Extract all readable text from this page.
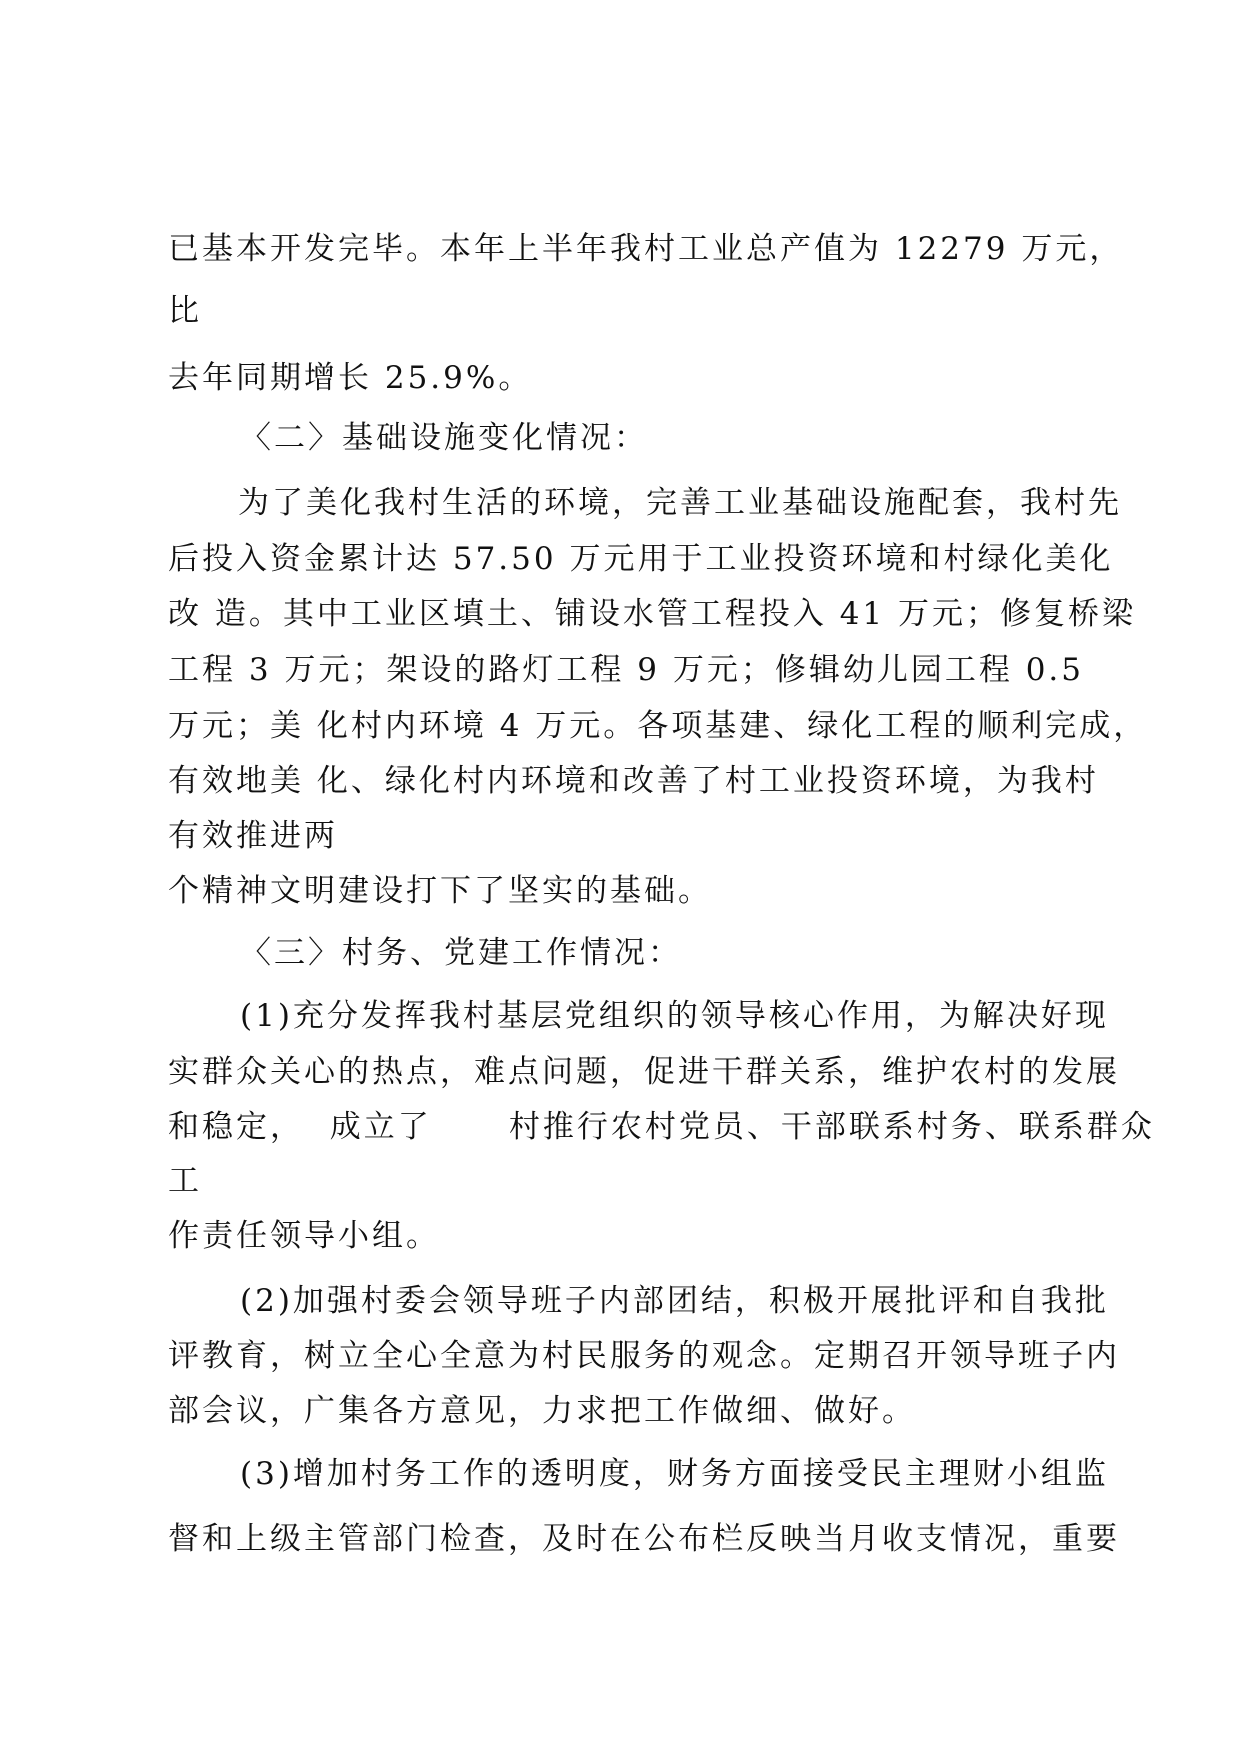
已基本开发完毕。本年上半年我村工业总产值为 12279 万元，
比
去年同期增长 25.9%。
〈二〉基础设施变化情况：
为了美化我村生活的环境，完善工业基础设施配套，我村先
后投入资金累计达 57.50 万元用于工业投资环境和村绿化美化
改 造。其中工业区填土、铺设水管工程投入 41 万元；修复桥梁
工程 3 万元；架设的路灯工程 9 万元；修辑幼儿园工程 0.5
万元；美 化村内环境 4 万元。各项基建、绿化工程的顺利完成，
有效地美 化、绿化村内环境和改善了村工业投资环境，为我村
有效推进两
个精神文明建设打下了坚实的基础。
〈三〉村务、党建工作情况：
(1)充分发挥我村基层党组织的领导核心作用，为解决好现
实群众关心的热点，难点问题，促进干群关系，维护农村的发展
和稳定，  成立了      村推行农村党员、干部联系村务、联系群众
工
作责任领导小组。
(2)加强村委会领导班子内部团结，积极开展批评和自我批
评教育，树立全心全意为村民服务的观念。定期召开领导班子内
部会议，广集各方意见，力求把工作做细、做好。
(3)增加村务工作的透明度，财务方面接受民主理财小组监
督和上级主管部门检查，及时在公布栏反映当月收支情况，重要
